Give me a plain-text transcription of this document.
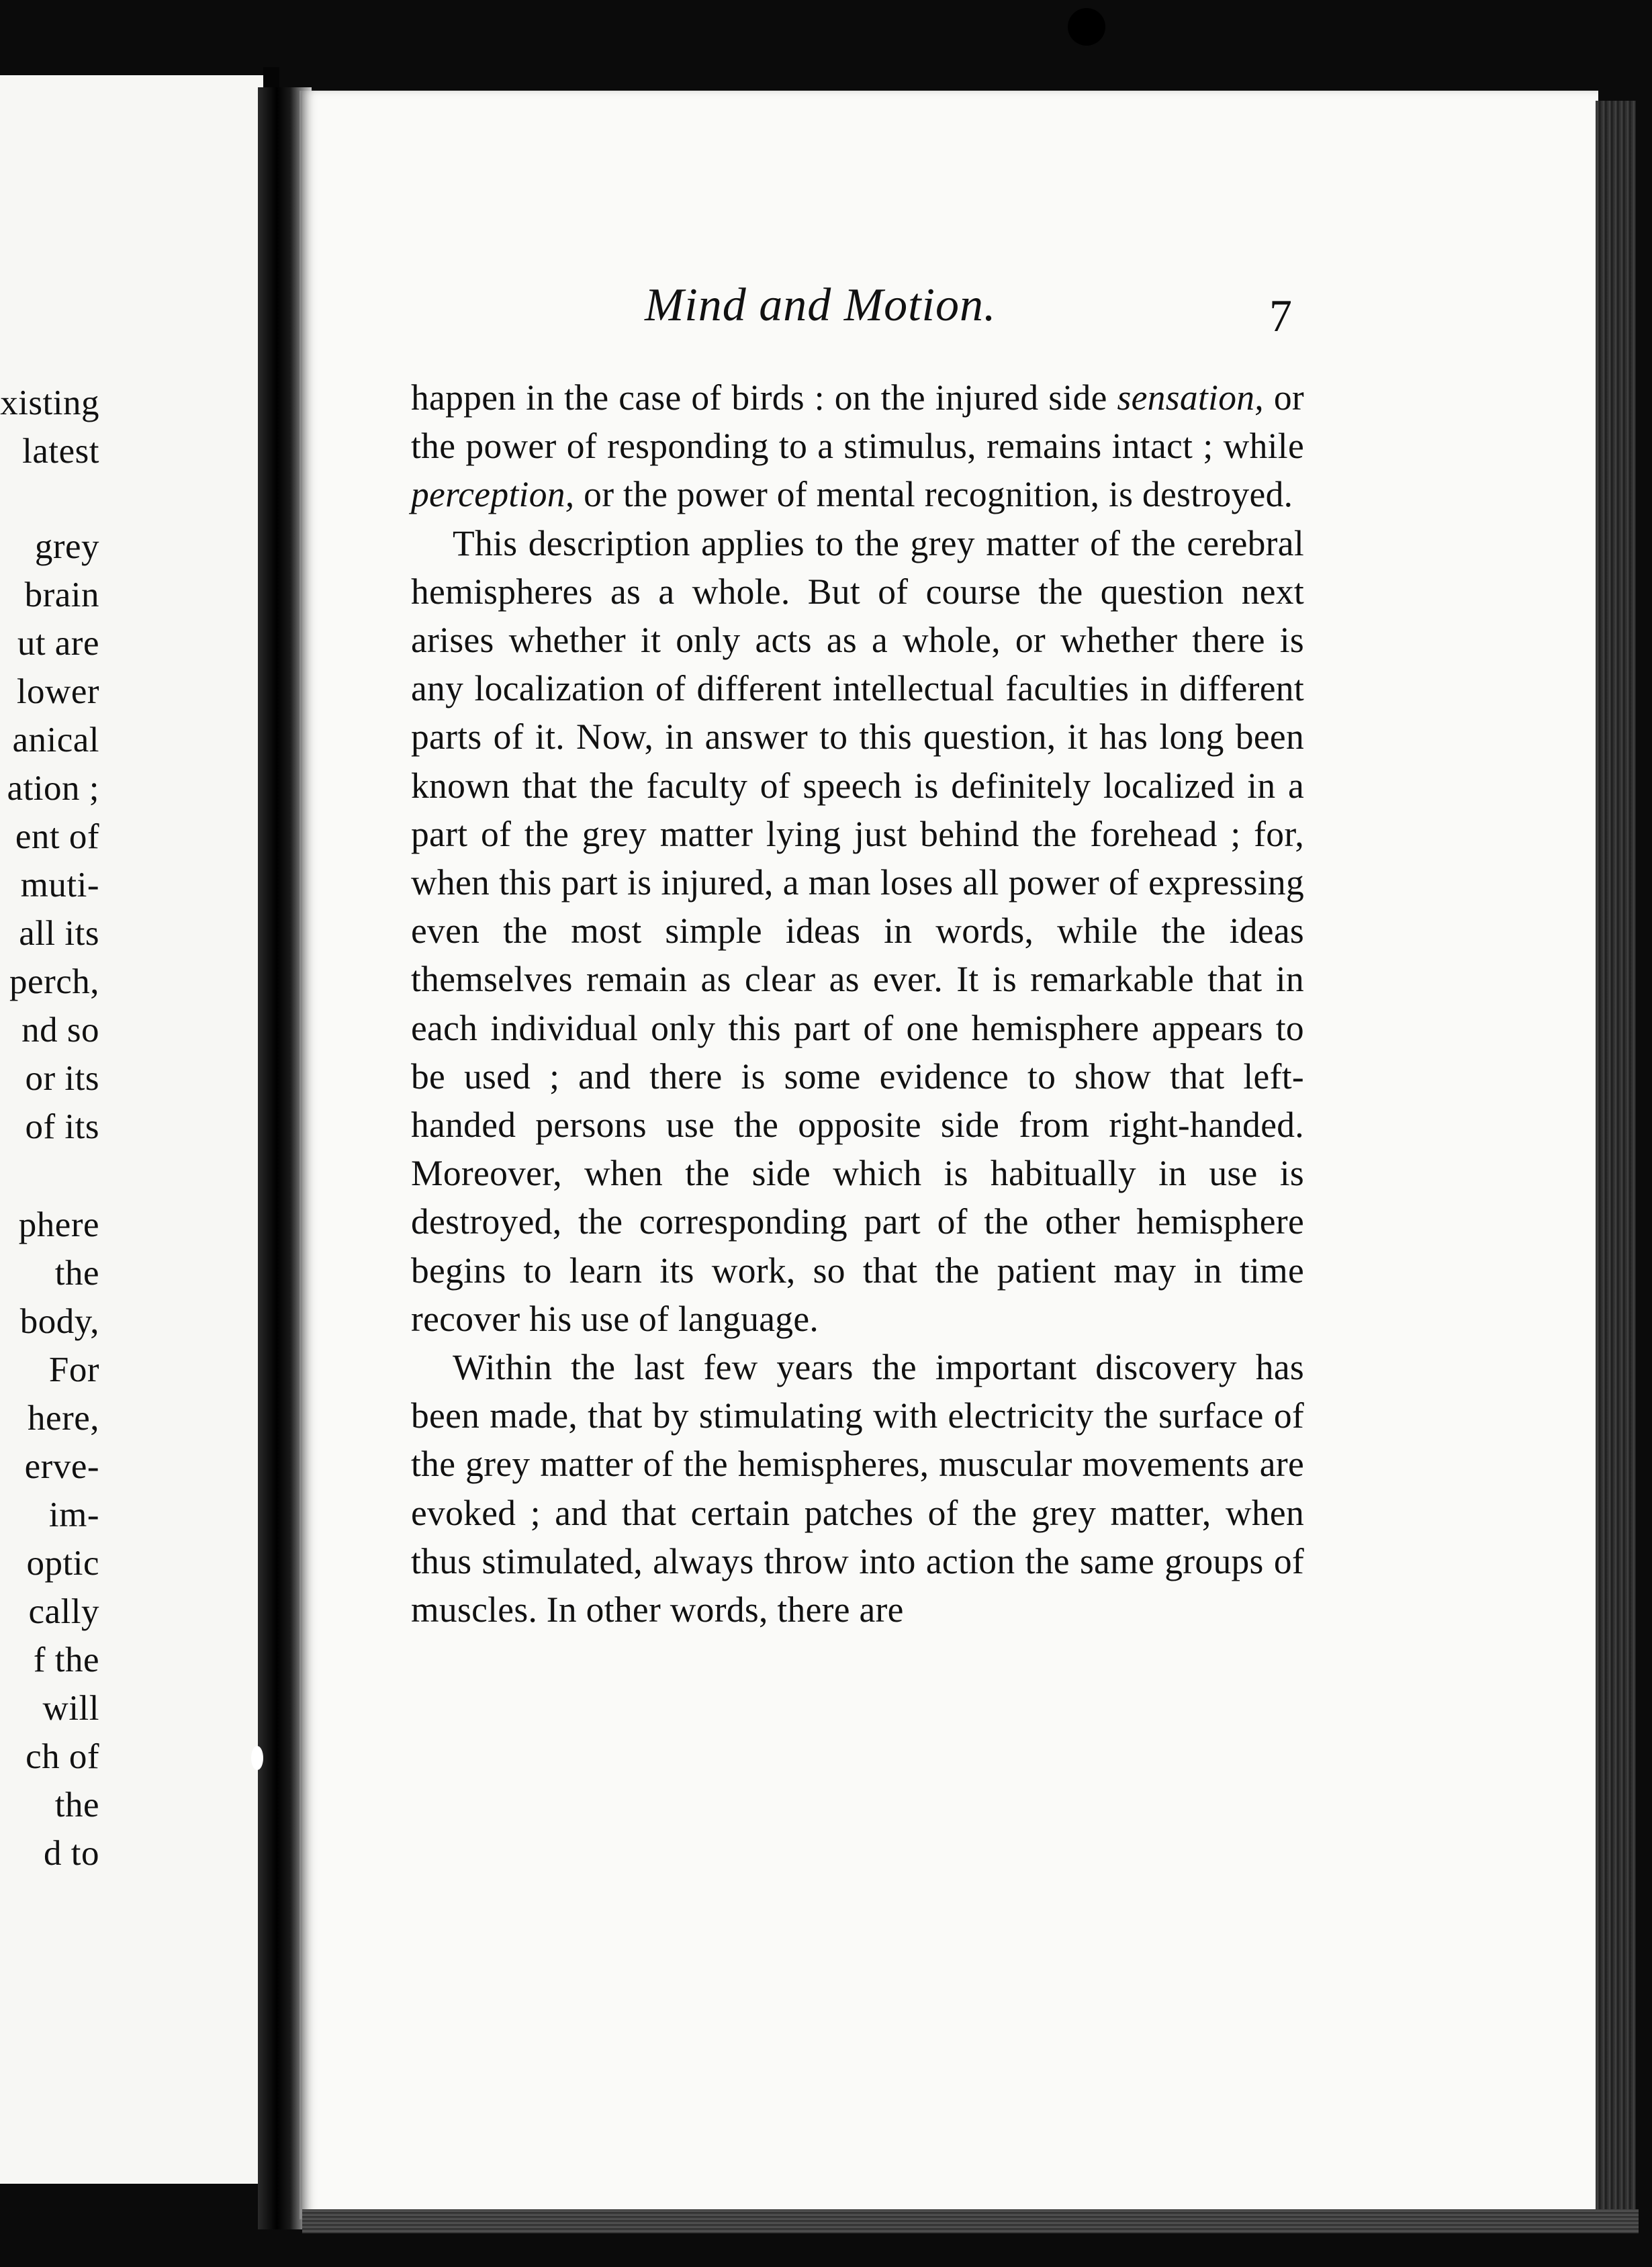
xisting
latest
grey
brain
ut are
lower
anical
ation ;
ent of
muti-
all its
perch,
nd so
or its
of its
phere
the
body,
For
here,
erve-
im-
optic
cally
f the
will
ch of
the
d to
Mind and Motion.	7

happen in the case of birds : on the injured side sensation, or the power of responding to a stimulus, remains intact ; while perception, or the power of mental recognition, is destroyed.

This description applies to the grey matter of the cerebral hemispheres as a whole. But of course the question next arises whether it only acts as a whole, or whether there is any localization of different intellectual faculties in different parts of it. Now, in answer to this question, it has long been known that the faculty of speech is definitely localized in a part of the grey matter lying just behind the forehead ; for, when this part is injured, a man loses all power of expressing even the most simple ideas in words, while the ideas themselves remain as clear as ever. It is remarkable that in each individual only this part of one hemisphere appears to be used ; and there is some evidence to show that left-handed persons use the opposite side from right-handed. Moreover, when the side which is habitually in use is destroyed, the corresponding part of the other hemisphere begins to learn its work, so that the patient may in time recover his use of language.

Within the last few years the important discovery has been made, that by stimulating with electricity the surface of the grey matter of the hemispheres, muscular movements are evoked ; and that certain patches of the grey matter, when thus stimulated, always throw into action the same groups of muscles. In other words, there are
